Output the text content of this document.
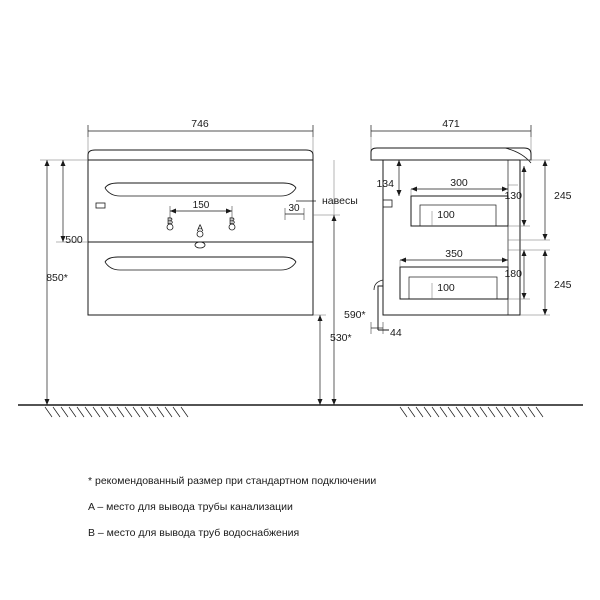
746
150	30
навесы
500
850*
590*
530*
B	B
A
471
134	300
100
130	245
350
100
180
245
44
* рекомендованный размер при стандартном подключении
A – место для вывода трубы канализации
B – место для вывода труб водоснабжения
